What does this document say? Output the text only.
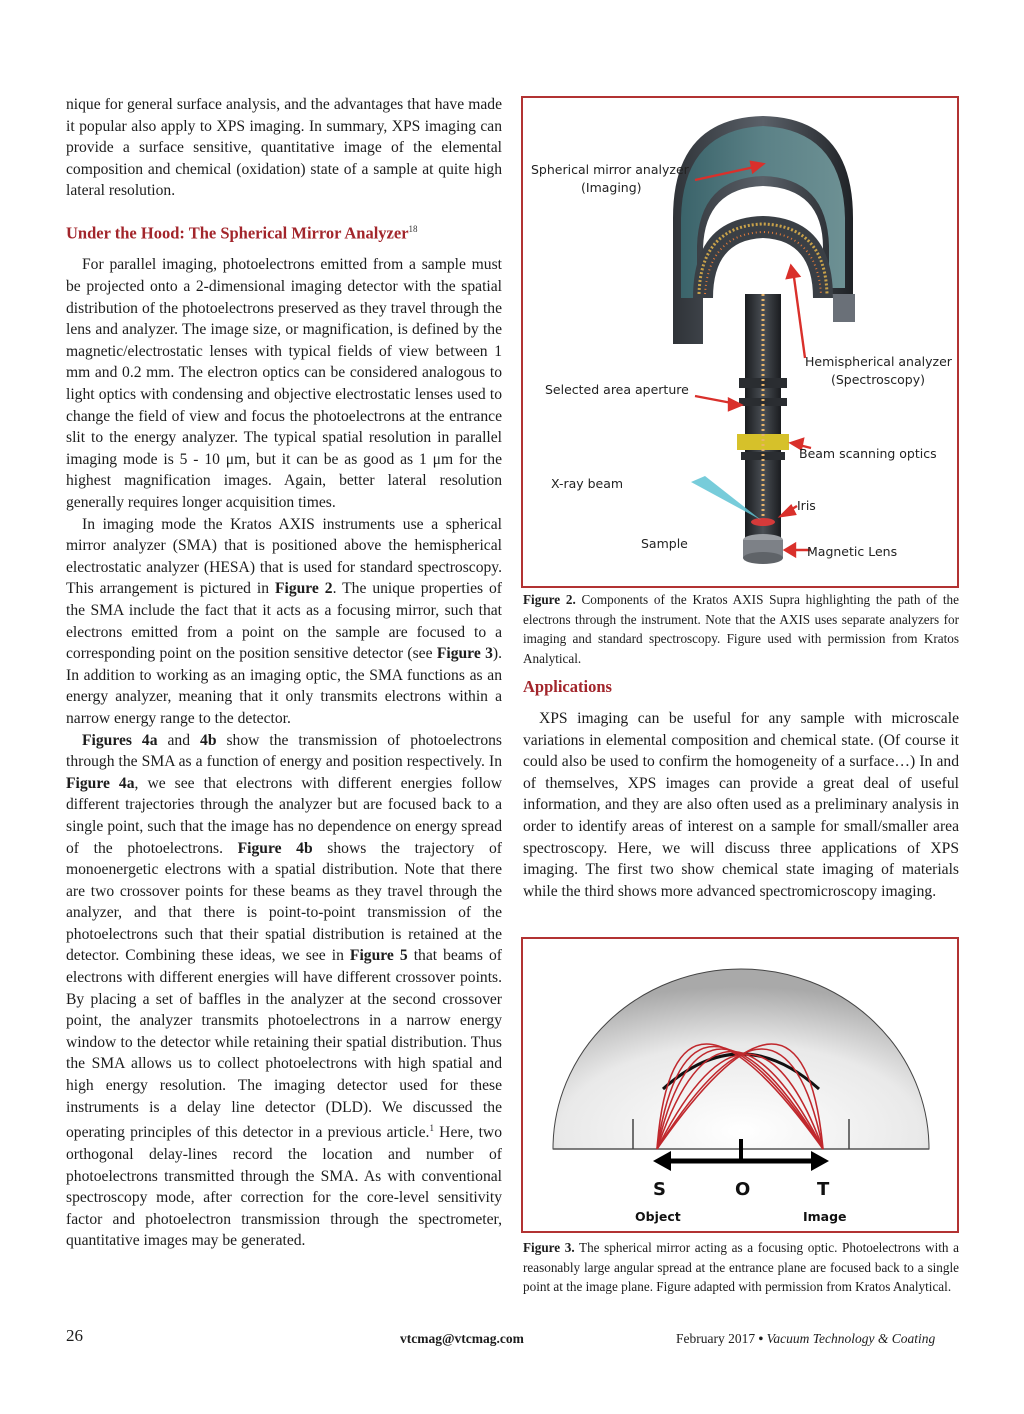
nique for general surface analysis, and the advantages that have made it popular also apply to XPS imaging. In summary, XPS imaging can provide a surface sensitive, quantitative image of the elemental composition and chemical (oxidation) state of a sample at quite high lateral resolution.

Under the Hood: The Spherical Mirror Analyzer$^{18}$

For parallel imaging, photoelectrons emitted from a sample must be projected onto a 2-dimensional imaging detector with the spatial distribution of the photoelectrons preserved as they travel through the lens and analyzer. The image size, or magnification, is defined by the magnetic/electrostatic lenses with typical fields of view between 1 mm and 0.2 mm. The electron optics can be considered analogous to light optics with condensing and objective electrostatic lenses used to change the field of view and focus the photoelectrons at the entrance slit to the energy analyzer. The typical spatial resolution in parallel imaging mode is 5 - 10 μm, but it can be as good as 1 μm for the highest magnification images. Again, better lateral resolution generally requires longer acquisition times.

In imaging mode the Kratos AXIS instruments use a spherical mirror analyzer (SMA) that is positioned above the hemispherical electrostatic analyzer (HESA) that is used for standard spectroscopy. This arrangement is pictured in Figure 2. The unique properties of the SMA include the fact that it acts as a focusing mirror, such that electrons emitted from a point on the sample are focused to a corresponding point on the position sensitive detector (see Figure 3). In addition to working as an imaging optic, the SMA functions as an energy analyzer, meaning that it only transmits electrons within a narrow energy range to the detector.

Figures 4a and 4b show the transmission of photoelectrons through the SMA as a function of energy and position respectively. In Figure 4a, we see that electrons with different energies follow different trajectories through the analyzer but are focused back to a single point, such that the image has no dependence on energy spread of the photoelectrons. Figure 4b shows the trajectory of monoenergetic electrons with a spatial distribution. Note that there are two crossover points for these beams as they travel through the analyzer, and that there is point-to-point transmission of the photoelectrons such that their spatial distribution is retained at the detector. Combining these ideas, we see in Figure 5 that beams of electrons with different energies will have different crossover points. By placing a set of baffles in the analyzer at the second crossover point, the analyzer transmits photoelectrons in a narrow energy window to the detector while retaining their spatial distribution. Thus the SMA allows us to collect photoelectrons with high spatial and high energy resolution. The imaging detector used for these instruments is a delay line detector (DLD). We discussed the operating principles of this detector in a previous article.$^1$ Here, two orthogonal delay-lines record the location and number of photoelectrons transmitted through the SMA. As with conventional spectroscopy mode, after correction for the core-level sensitivity factor and photoelectron transmission through the spectrometer, quantitative images may be generated.

Spherical mirror analyzer
(Imaging)
Hemispherical analyzer
(Spectroscopy)
Selected area aperture
Beam scanning optics
X-ray beam
Iris
Sample
Magnetic Lens
Figure 2. Components of the Kratos AXIS Supra highlighting the path of the electrons through the instrument. Note that the AXIS uses separate analyzers for imaging and standard spectroscopy. Figure used with permission from Kratos Analytical.
Applications

XPS imaging can be useful for any sample with microscale variations in elemental composition and chemical state. (Of course it could also be used to confirm the homogeneity of a surface…) In and of themselves, XPS images can provide a great deal of useful information, and they are also often used as a preliminary analysis in order to identify areas of interest on a sample for small/smaller area spectroscopy. Here, we will discuss three applications of XPS imaging. The first two show chemical state imaging of materials while the third shows more advanced spectromicroscopy imaging.

S	O	T
Object	Image
Figure 3. The spherical mirror acting as a focusing optic. Photoelectrons with a reasonably large angular spread at the entrance plane are focused back to a single point at the image plane. Figure adapted with permission from Kratos Analytical.
26	vtcmag@vtcmag.com	February 2017 • Vacuum Technology & Coating
